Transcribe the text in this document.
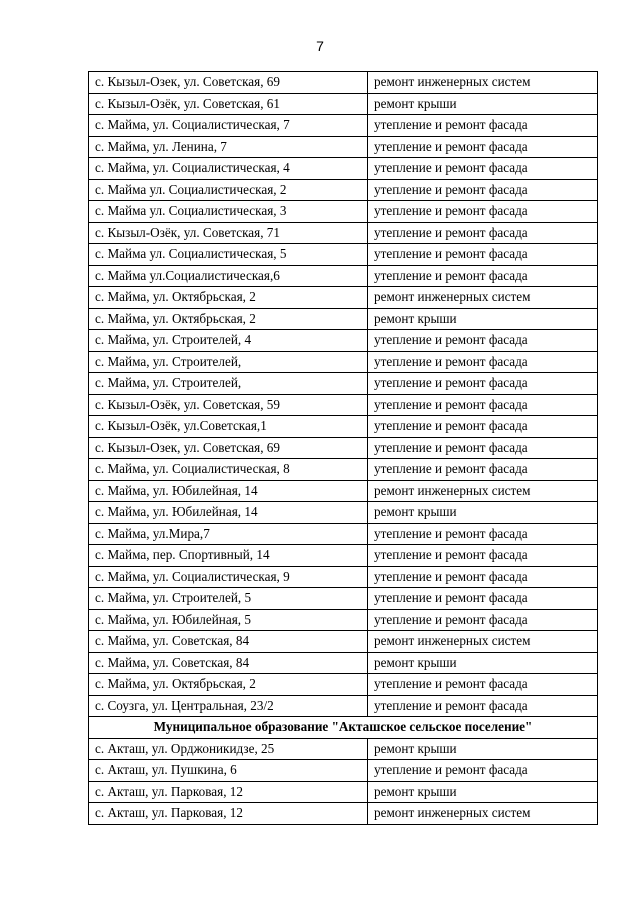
7
с. Кызыл-Озек, ул. Советская, 69	ремонт инженерных систем
с. Кызыл-Озёк, ул. Советская, 61	ремонт крыши
с. Майма, ул. Социалистическая, 7	утепление и ремонт фасада
с. Майма, ул. Ленина, 7	утепление и ремонт фасада
с. Майма, ул. Социалистическая, 4	утепление и ремонт фасада
с. Майма ул. Социалистическая, 2	утепление и ремонт фасада
с. Майма ул. Социалистическая, 3	утепление и ремонт фасада
с. Кызыл-Озёк, ул. Советская, 71	утепление и ремонт фасада
с. Майма ул. Социалистическая, 5	утепление и ремонт фасада
с. Майма ул.Социалистическая,6	утепление и ремонт фасада
с. Майма, ул. Октябрьская, 2	ремонт инженерных систем
с. Майма, ул. Октябрьская, 2	ремонт крыши
с. Майма, ул. Строителей, 4	утепление и ремонт фасада
с. Майма, ул. Строителей,	утепление и ремонт фасада
с. Майма, ул. Строителей,	утепление и ремонт фасада
с. Кызыл-Озёк, ул. Советская, 59	утепление и ремонт фасада
с. Кызыл-Озёк, ул.Советская,1	утепление и ремонт фасада
с. Кызыл-Озек, ул. Советская, 69	утепление и ремонт фасада
с. Майма, ул. Социалистическая, 8	утепление и ремонт фасада
с. Майма, ул. Юбилейная, 14	ремонт инженерных систем
с. Майма, ул. Юбилейная, 14	ремонт крыши
с. Майма, ул.Мира,7	утепление и ремонт фасада
с. Майма, пер. Спортивный, 14	утепление и ремонт фасада
с. Майма, ул. Социалистическая, 9	утепление и ремонт фасада
с. Майма, ул. Строителей, 5	утепление и ремонт фасада
с. Майма, ул. Юбилейная, 5	утепление и ремонт фасада
с. Майма, ул. Советская, 84	ремонт инженерных систем
с. Майма, ул. Советская, 84	ремонт крыши
с. Майма, ул. Октябрьская, 2	утепление и ремонт фасада
с. Соузга, ул. Центральная, 23/2	утепление и ремонт фасада
Муниципальное образование "Акташское сельское поселение"	
с. Акташ, ул. Орджоникидзе, 25	ремонт крыши
с. Акташ, ул. Пушкина, 6	утепление и ремонт фасада
с. Акташ, ул. Парковая, 12	ремонт крыши
с. Акташ, ул. Парковая, 12	ремонт инженерных систем
